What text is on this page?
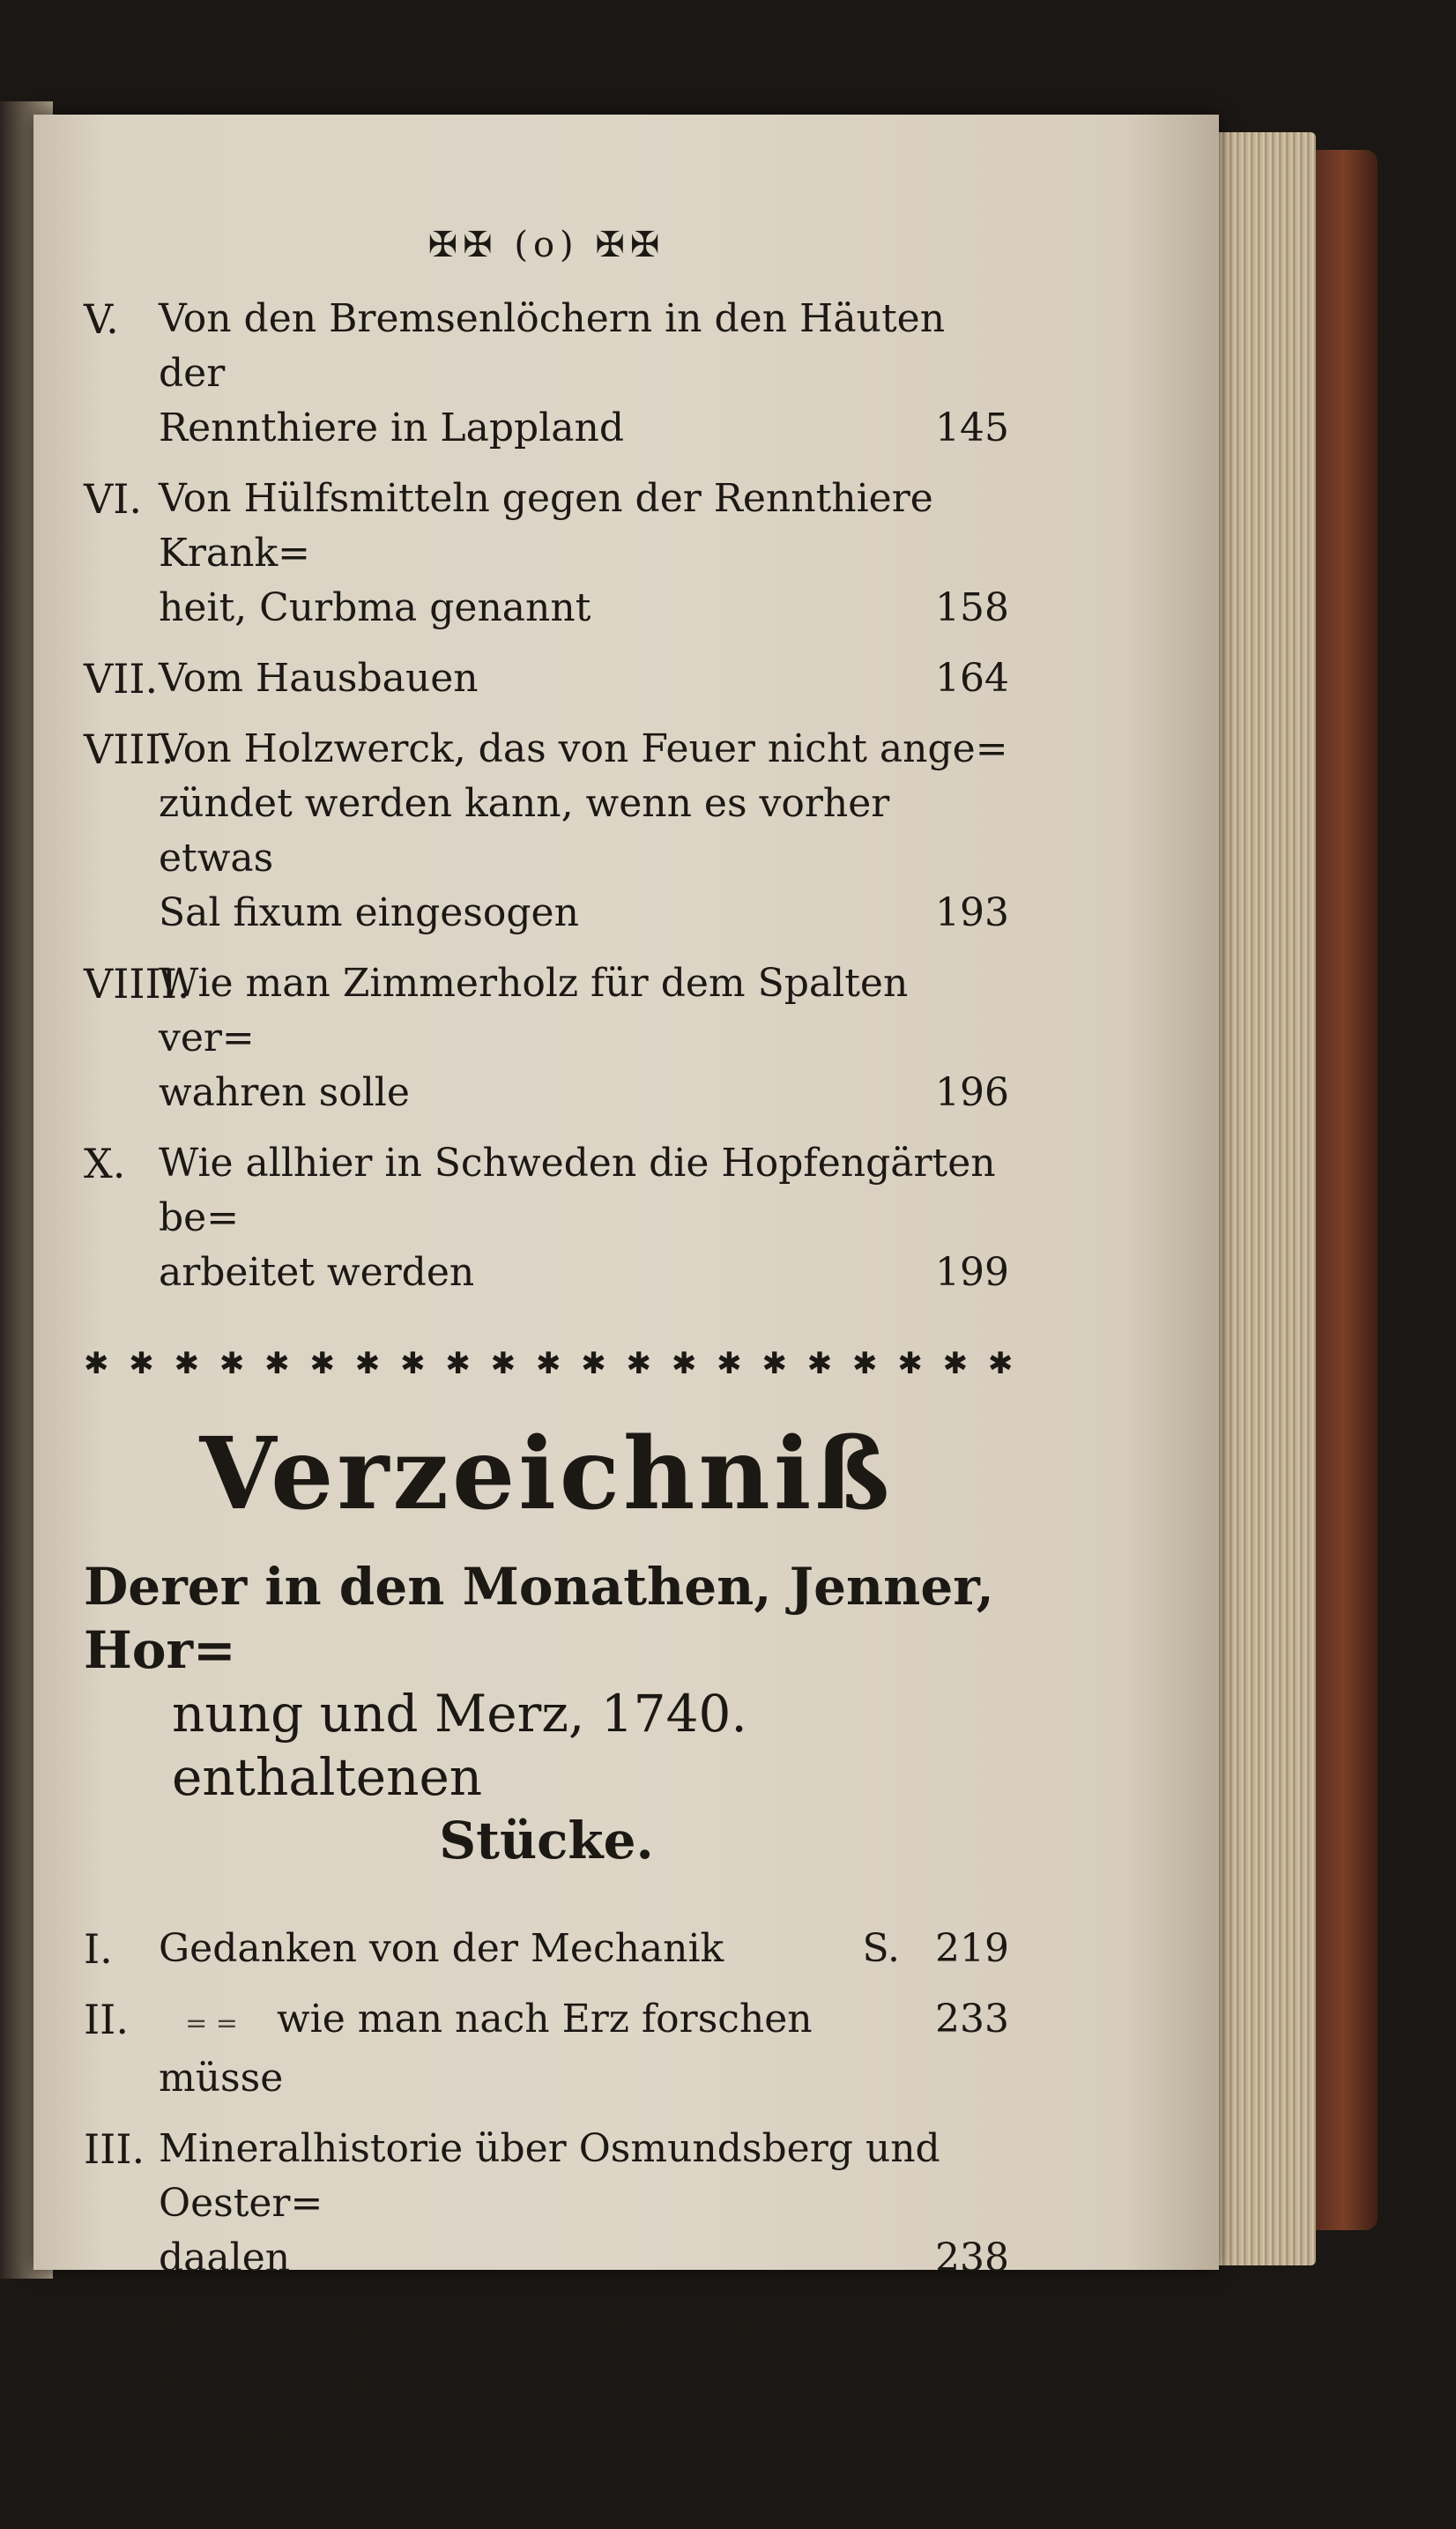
✠✠ (o) ✠✠
V.	Von den Bremsenlöchern in den Häuten der
Rennthiere in Lappland	145
VI. Von Hülfsmitteln gegen der Rennthiere Krank=
heit, Curbma genannt	158
VII. Vom Hausbauen	164
VIII.
Von Holzwerck, das von Feuer nicht ange=
zündet werden kann, wenn es vorher etwas
Sal fixum eingesogen	193
VIIII.
Wie man Zimmerholz für dem Spalten ver=
wahren solle	196
X. Wie allhier in Schweden die Hopfengärten be=
arbeitet werden	199
✱ ✱ ✱ ✱ ✱ ✱ ✱ ✱ ✱ ✱ ✱ ✱ ✱ ✱ ✱ ✱ ✱ ✱ ✱ ✱ ✱
Verzeichniß
Derer in den Monathen, Jenner, Hor=
nung und Merz, 1740. enthaltenen
Stücke.
I.	Gedanken von der Mechanik	S. 219
II.	= = wie man nach Erz forschen müsse
233
III. Mineralhistorie über Osmundsberg und Oester=
daalen	238
IV. Erinnerung wegen Verbesserung der Kalkbren=
nereyen	247
V. An=
